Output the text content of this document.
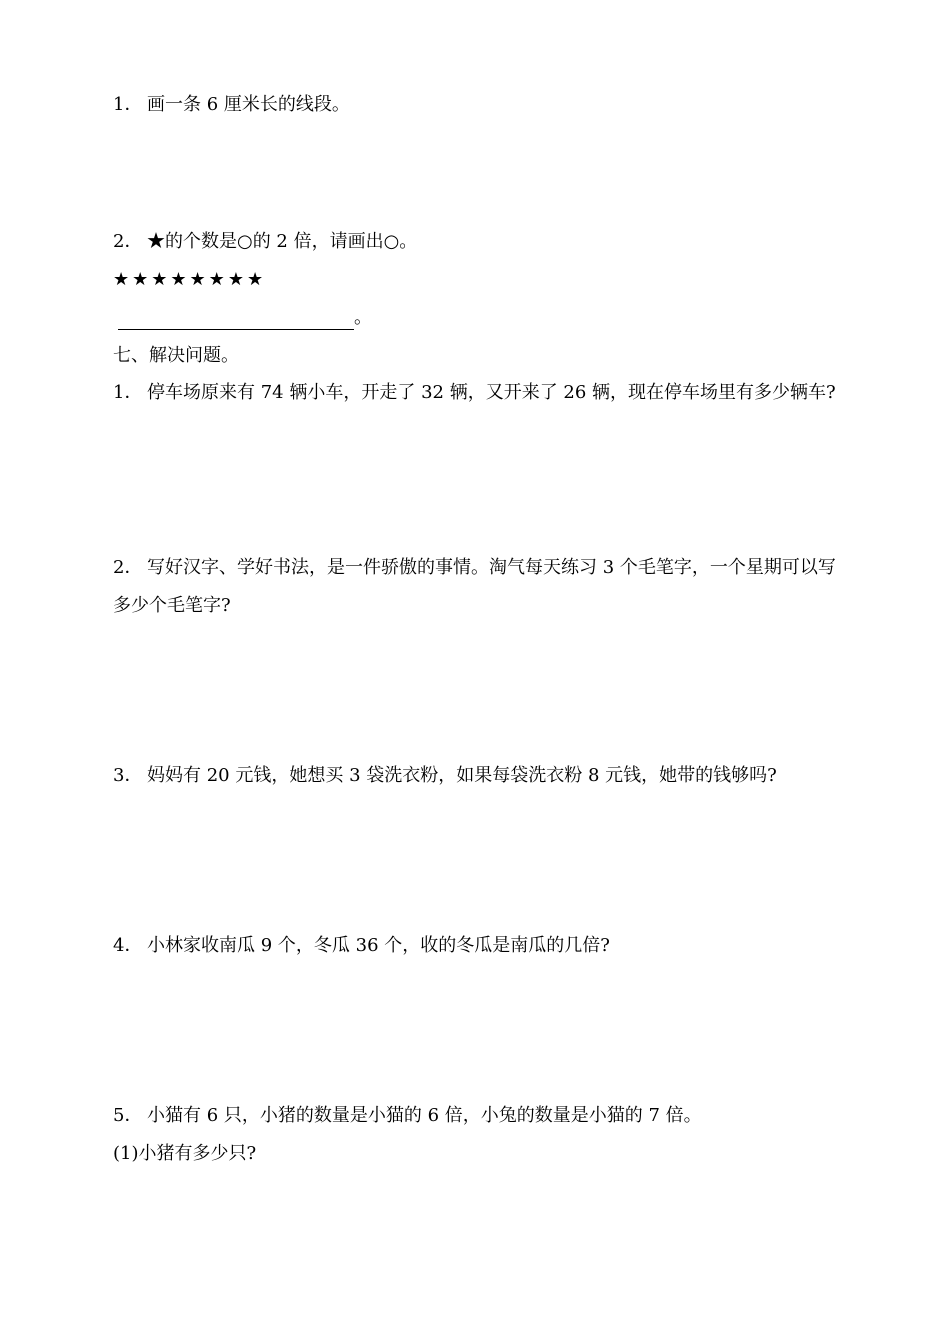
1． 画一条 6 厘米长的线段。
2． ★的个数是○的 2 倍，请画出○。
★★★★★★★★
。
七、解决问题。
1． 停车场原来有 74 辆小车，开走了 32 辆，又开来了 26 辆，现在停车场里有多少辆车?
2． 写好汉字、学好书法，是一件骄傲的事情。淘气每天练习 3 个毛笔字，一个星期可以写多少个毛笔字?
3． 妈妈有 20 元钱，她想买 3 袋洗衣粉，如果每袋洗衣粉 8 元钱，她带的钱够吗?
4． 小林家收南瓜 9 个，冬瓜 36 个，收的冬瓜是南瓜的几倍?
5． 小猫有 6 只，小猪的数量是小猫的 6 倍，小兔的数量是小猫的 7 倍。
(1)小猪有多少只?
